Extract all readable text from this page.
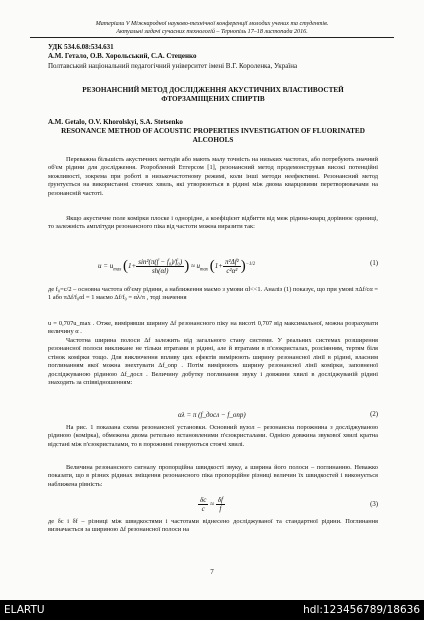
Матеріали V Міжнародної науково-технічної конференції молодих учених та студентів.
Актуальні задачі сучасних технологій – Тернопіль 17–18 листопада 2016.
УДК 534.6.08:534.631
А.М. Гетало, О.В. Хорольський, С.А. Стеценко
Полтавський національний педагогічний університет імені В.Г. Короленка, Україна
РЕЗОНАНСНИЙ МЕТОД ДОСЛІДЖЕННЯ АКУСТИЧНИХ ВЛАСТИВОСТЕЙ ФТОРЗАМІЩЕНИХ СПИРТІВ
A.M. Getalo, O.V. Khorolskyi, S.A. Stetsenko
RESONANCE METHOD OF ACOUSTIC PROPERTIES INVESTIGATION OF FLUORINATED ALCOHOLS

Переважна більшість акустичних методів або мають малу точність на низьких частотах, або потребують значний об'єм рідини для дослідження. Розроблений Етгерсом [1], резонансний метод продемонстрував високі потенційні можливості, зокрема при роботі в низькочастотному режимі, коли інші методи неефективні. Резонансний метод ґрунтується на використанні стоячих хвиль, які утворюються в рідині між двома кварцовими перетворювачами на резонансній частоті.

Якщо акустичне поле комірки плоске і однорідне, а коефіцієнт відбиття від меж рідина-кварц дорівнює одиниці, то залежність амплітуди резонансного піка від частоти можна виразити так:

$u = u_{max}$ ($1+ \frac{\text{sin²(π(f − f₀)/f₀)}}{sh(\alpha l)}$ ) ≈ $u_{max}$ $(1+ \frac{\text{π²Δf²}}{\text{c²α²}} )^{-1/2}$	(1)

де f₀=c/2 – основна частота об'єму рідини, а наближення маємо з умови αl<<1. Аналіз (1) показує, що при умові πΔf/cα = 1 або πΔf/f₀αl = 1 маємо Δf/f₀ = αλ/π , тоді значення

u = 0,707u_max . Отже, вимірявши ширину Δf резонансного піку на висоті 0,707 від максимальної, можна розрахувати величину α .

Частотна ширина полоси Δf залежить від загального стану системи. У реальних системах розширення резонансної полоси викликане не тільки втратами в рідині, але й втратами в п'єзокристалах, розсіянням, тертям біля стінок комірки тощо. Для виключення впливу цих ефектів вимірюють ширину резонансної лінії в рідині, власним поглинанням якої можна знехтувати Δf_onp . Потім вимірюють ширину резонансної лінії комірки, заповненої досліджуваною рідиною Δf_досл . Величину добутку поглинання звуку і довжини хвилі в досліджуваній рідині знаходять за співвідношенням:

αλ = π (f_досл − f_onp)	(2)

На рис. 1 показана схема резонансної установки. Основний вузол – резонансна порожнина з досліджуваною рідиною (комірка), обмежена двома ретельно встановленими п'єзокристалами. Однією довжина звукової хвилі кратна відстані між п'єзокристалами, то в порожнині генеруються стоячі хвилі.

Величина резонансного сигналу пропорційна швидкості звуку, а ширина його полоси – поглинанню. Неважко показати, що в різних рідинах зміщення резонансного піка пропорційне різниці величин їх швидкостей і виконується наближена рівність:

$\frac{\delta c}{c} \approx \frac{\delta f}{f}$	(3)

де δc і δf – різниці між швидкостями і частотами віднесено досліджуваної та стандартної рідини. Поглинання визначається за шириною Δf резонансної полоси на

7
ELARTU	hdl:123456789/18636
